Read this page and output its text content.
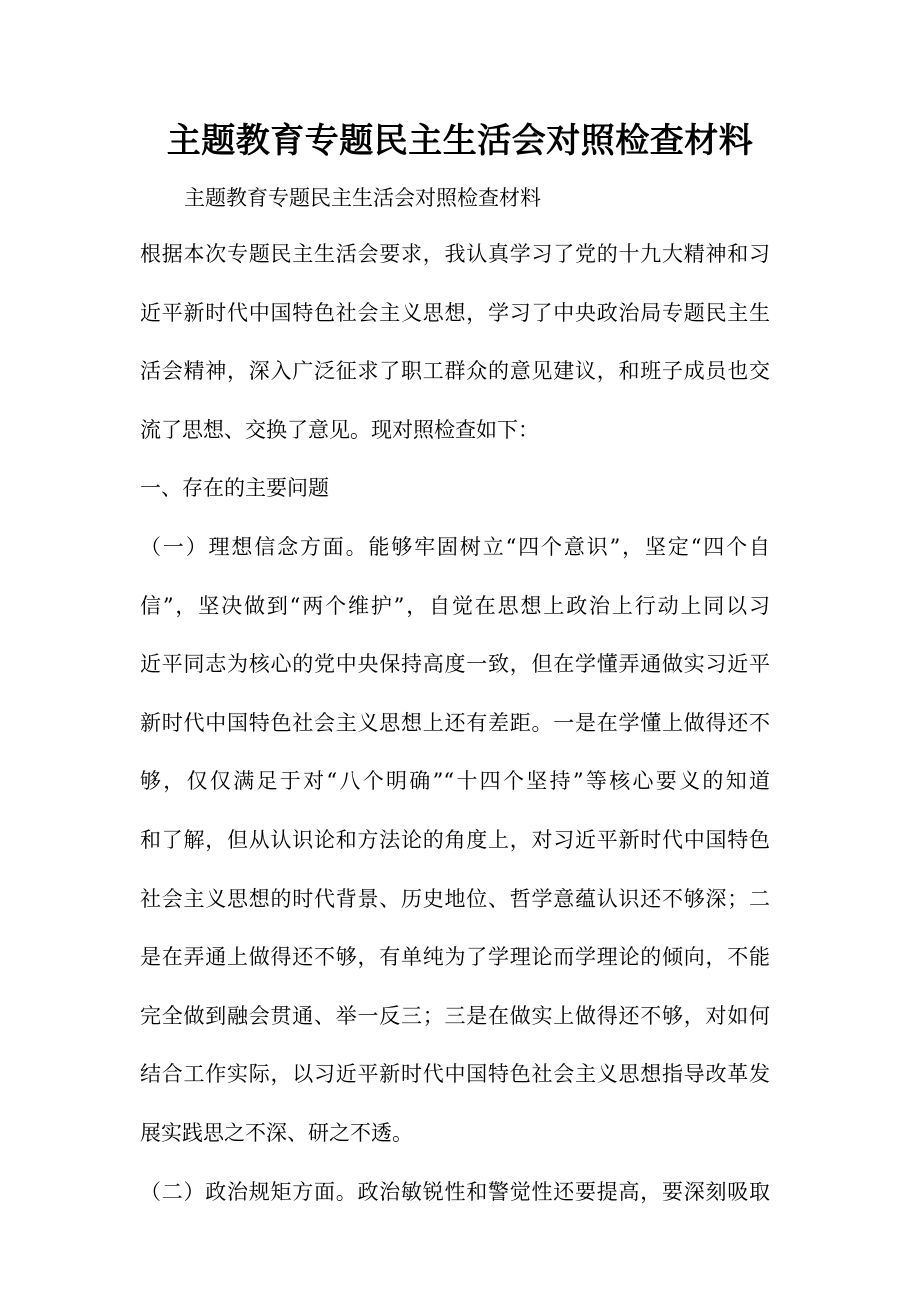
主题教育专题民主生活会对照检查材料
主题教育专题民主生活会对照检查材料
根据本次专题民主生活会要求，我认真学习了党的十九大精神和习
近平新时代中国特色社会主义思想，学习了中央政治局专题民主生
活会精神，深入广泛征求了职工群众的意见建议，和班子成员也交
流了思想、交换了意见。现对照检查如下：
一、存在的主要问题
（一）理想信念方面。能够牢固树立“四个意识”，坚定“四个自
信”，坚决做到“两个维护”，自觉在思想上政治上行动上同以习
近平同志为核心的党中央保持高度一致，但在学懂弄通做实习近平
新时代中国特色社会主义思想上还有差距。一是在学懂上做得还不
够，仅仅满足于对“八个明确”“十四个坚持”等核心要义的知道
和了解，但从认识论和方法论的角度上，对习近平新时代中国特色
社会主义思想的时代背景、历史地位、哲学意蕴认识还不够深；二
是在弄通上做得还不够，有单纯为了学理论而学理论的倾向，不能
完全做到融会贯通、举一反三；三是在做实上做得还不够，对如何
结合工作实际，以习近平新时代中国特色社会主义思想指导改革发
展实践思之不深、研之不透。
（二）政治规矩方面。政治敏锐性和警觉性还要提高，要深刻吸取
